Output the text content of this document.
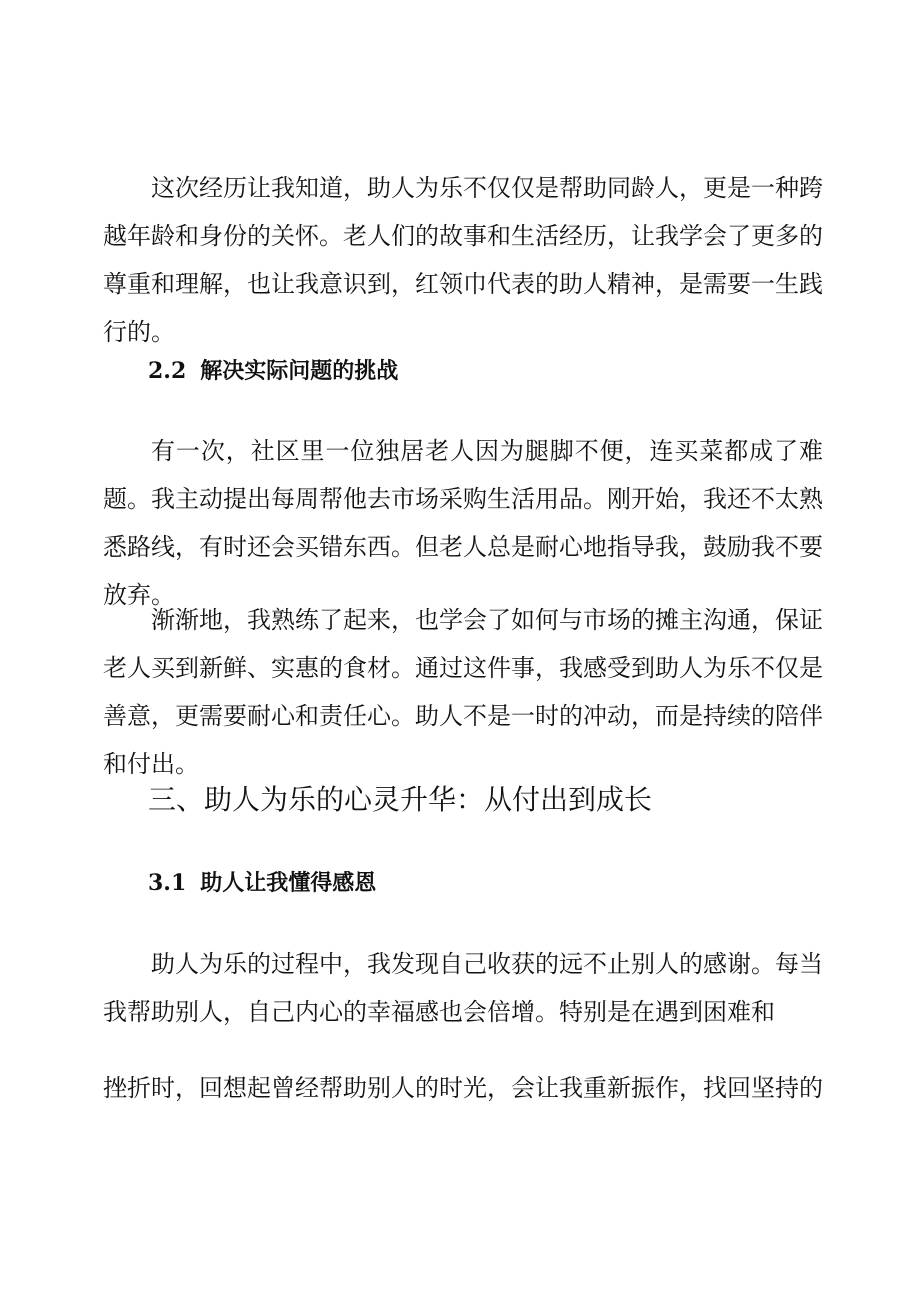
这次经历让我知道，助人为乐不仅仅是帮助同龄人，更是一种跨越年龄和身份的关怀。老人们的故事和生活经历，让我学会了更多的尊重和理解，也让我意识到，红领巾代表的助人精神，是需要一生践行的。

2.2 解决实际问题的挑战

有一次，社区里一位独居老人因为腿脚不便，连买菜都成了难题。我主动提出每周帮他去市场采购生活用品。刚开始，我还不太熟悉路线，有时还会买错东西。但老人总是耐心地指导我，鼓励我不要放弃。

渐渐地，我熟练了起来，也学会了如何与市场的摊主沟通，保证老人买到新鲜、实惠的食材。通过这件事，我感受到助人为乐不仅是善意，更需要耐心和责任心。助人不是一时的冲动，而是持续的陪伴和付出。

三、助人为乐的心灵升华：从付出到成长
3.1 助人让我懂得感恩

助人为乐的过程中，我发现自己收获的远不止别人的感谢。每当我帮助别人，自己内心的幸福感也会倍增。特别是在遇到困难和

挫折时，回想起曾经帮助别人的时光，会让我重新振作，找回坚持的
